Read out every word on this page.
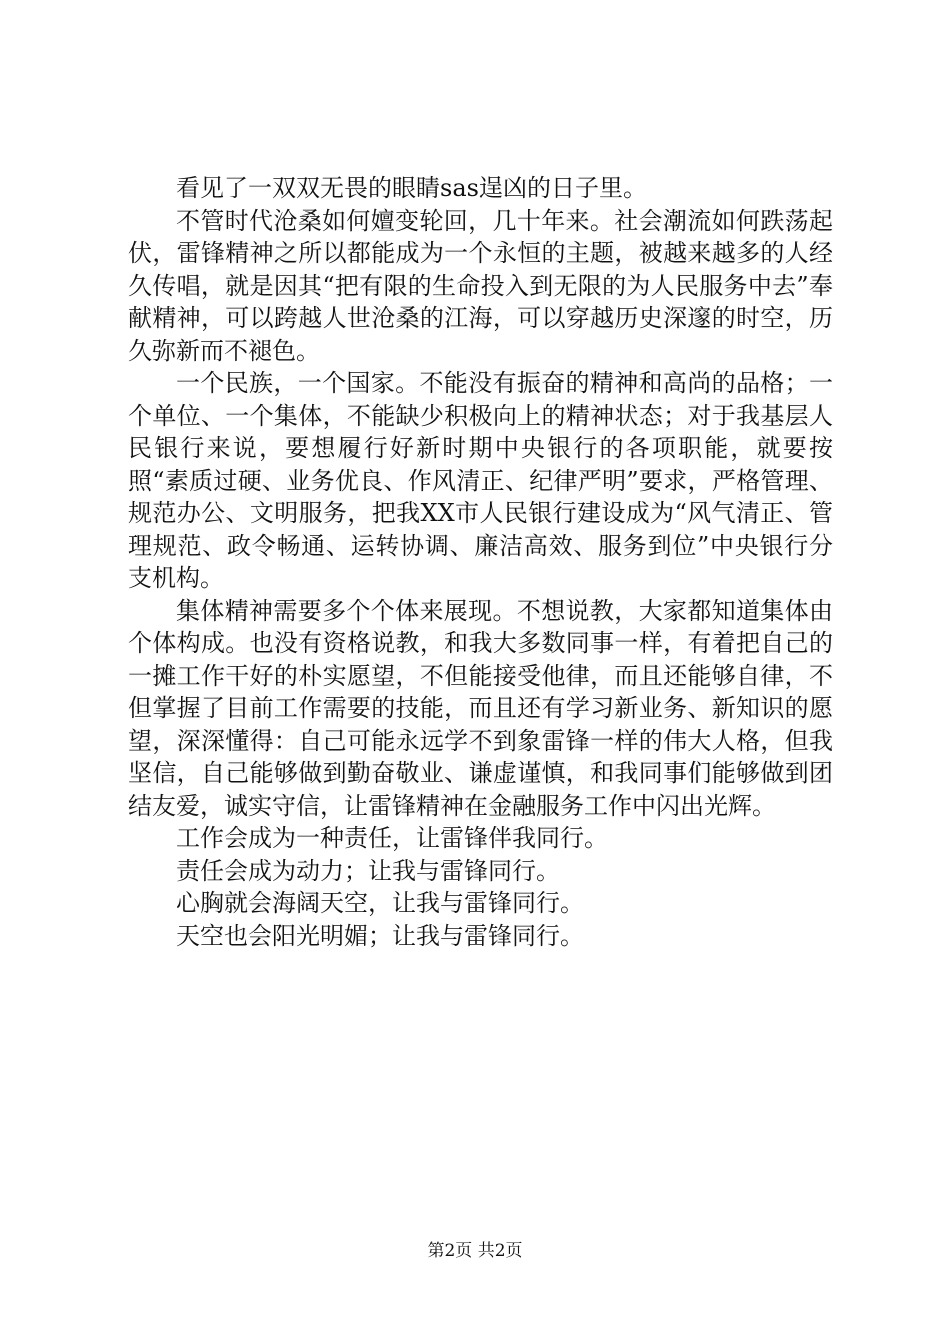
看见了一双双无畏的眼睛sas逞凶的日子里。

不管时代沧桑如何嬗变轮回，几十年来。社会潮流如何跌荡起伏，雷锋精神之所以都能成为一个永恒的主题，被越来越多的人经久传唱，就是因其“把有限的生命投入到无限的为人民服务中去”奉献精神，可以跨越人世沧桑的江海，可以穿越历史深邃的时空，历久弥新而不褪色。

一个民族，一个国家。不能没有振奋的精神和高尚的品格；一个单位、一个集体，不能缺少积极向上的精神状态；对于我基层人民银行来说，要想履行好新时期中央银行的各项职能，就要按照“素质过硬、业务优良、作风清正、纪律严明”要求，严格管理、规范办公、文明服务，把我XX市人民银行建设成为“风气清正、管理规范、政令畅通、运转协调、廉洁高效、服务到位”中央银行分支机构。

集体精神需要多个个体来展现。不想说教，大家都知道集体由个体构成。也没有资格说教，和我大多数同事一样，有着把自己的一摊工作干好的朴实愿望，不但能接受他律，而且还能够自律，不但掌握了目前工作需要的技能，而且还有学习新业务、新知识的愿望，深深懂得：自己可能永远学不到象雷锋一样的伟大人格，但我坚信，自己能够做到勤奋敬业、谦虚谨慎，和我同事们能够做到团结友爱，诚实守信，让雷锋精神在金融服务工作中闪出光辉。

工作会成为一种责任，让雷锋伴我同行。

责任会成为动力；让我与雷锋同行。

心胸就会海阔天空，让我与雷锋同行。

天空也会阳光明媚；让我与雷锋同行。

第2页 共2页
